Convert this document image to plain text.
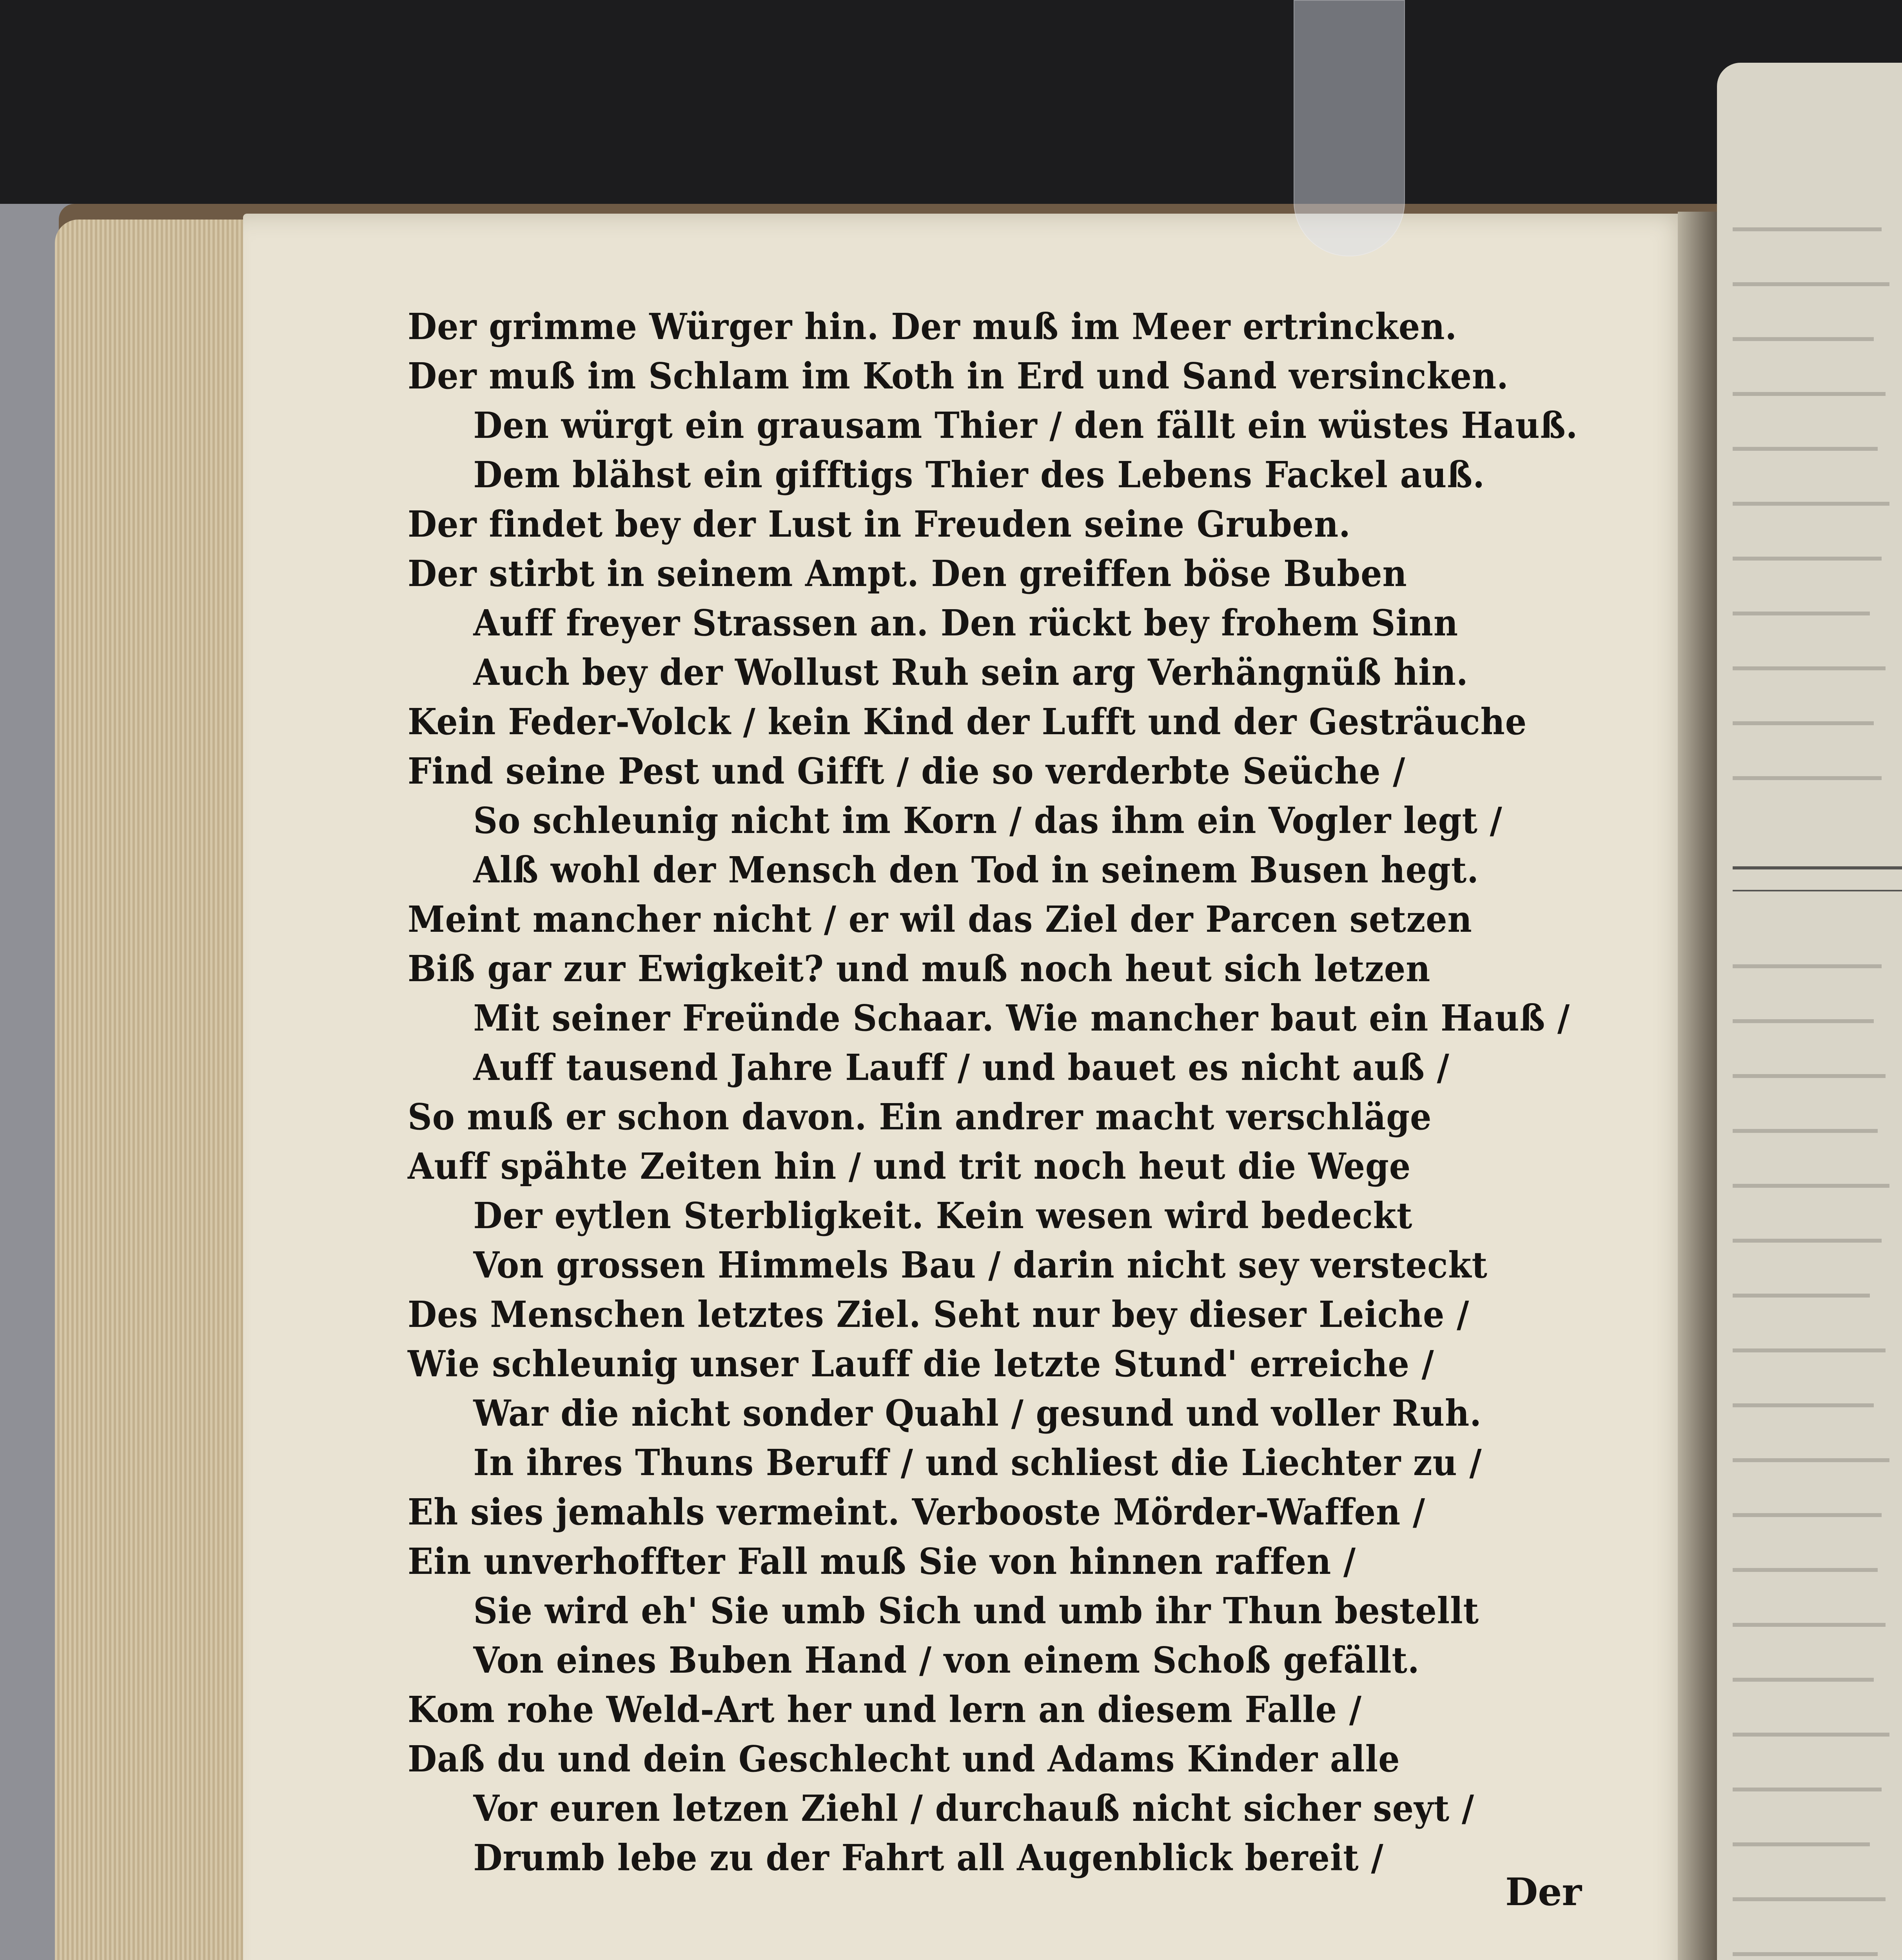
Der grimme Würger hin. Der muß im Meer ertrincken.

Der muß im Schlam im Koth in Erd und Sand versincken.

Den würgt ein grausam Thier / den fällt ein wüstes Hauß.

Dem blähst ein gifftigs Thier des Lebens Fackel auß.

Der findet bey der Lust in Freuden seine Gruben.

Der stirbt in seinem Ampt. Den greiffen böse Buben

Auff freyer Strassen an. Den rückt bey frohem Sinn

Auch bey der Wollust Ruh sein arg Verhängnüß hin.

Kein Feder-Volck / kein Kind der Lufft und der Gesträuche

Find seine Pest und Gifft / die so verderbte Seüche /

So schleunig nicht im Korn / das ihm ein Vogler legt /

Alß wohl der Mensch den Tod in seinem Busen hegt.

Meint mancher nicht / er wil das Ziel der Parcen setzen

Biß gar zur Ewigkeit? und muß noch heut sich letzen

Mit seiner Freünde Schaar. Wie mancher baut ein Hauß /

Auff tausend Jahre Lauff / und bauet es nicht auß /

So muß er schon davon. Ein andrer macht verschläge

Auff spähte Zeiten hin / und trit noch heut die Wege

Der eytlen Sterbligkeit. Kein wesen wird bedeckt

Von grossen Himmels Bau / darin nicht sey versteckt

Des Menschen letztes Ziel. Seht nur bey dieser Leiche /

Wie schleunig unser Lauff die letzte Stund' erreiche /

War die nicht sonder Quahl / gesund und voller Ruh.

In ihres Thuns Beruff / und schliest die Liechter zu /

Eh sies jemahls vermeint. Verbooste Mörder-Waffen /

Ein unverhoffter Fall muß Sie von hinnen raffen /

Sie wird eh' Sie umb Sich und umb ihr Thun bestellt

Von eines Buben Hand / von einem Schoß gefällt.

Kom rohe Weld-Art her und lern an diesem Falle /

Daß du und dein Geschlecht und Adams Kinder alle

Vor euren letzen Ziehl / durchauß nicht sicher seyt /

Drumb lebe zu der Fahrt all Augenblick bereit /

Der
